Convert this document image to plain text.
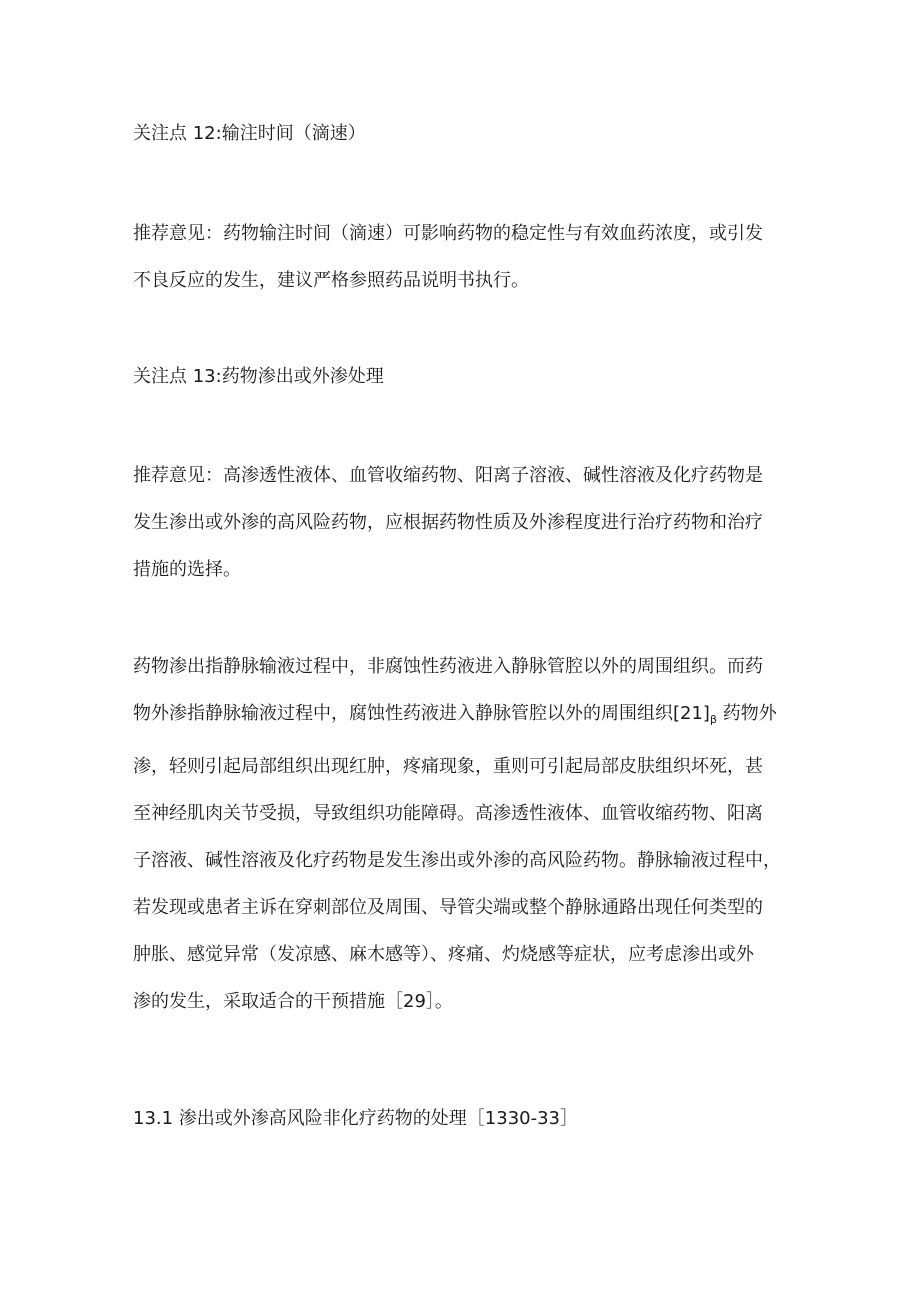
关注点 12:输注时间（滴速）

推荐意见：药物输注时间（滴速）可影响药物的稳定性与有效血药浓度，或引发
不良反应的发生，建议严格参照药品说明书执行。

关注点 13:药物渗出或外渗处理

推荐意见：高渗透性液体、血管收缩药物、阳离子溶液、碱性溶液及化疗药物是
发生渗出或外渗的高风险药物，应根据药物性质及外渗程度进行治疗药物和治疗
措施的选择。

药物渗出指静脉输液过程中，非腐蚀性药液进入静脉管腔以外的周围组织。而药
物外渗指静脉输液过程中，腐蚀性药液进入静脉管腔以外的周围组织$[21]_\beta$ 药物外
渗，轻则引起局部组织出现红肿，疼痛现象，重则可引起局部皮肤组织坏死，甚
至神经肌肉关节受损，导致组织功能障碍。高渗透性液体、血管收缩药物、阳离
子溶液、碱性溶液及化疗药物是发生渗出或外渗的高风险药物。静脉输液过程中，
若发现或患者主诉在穿刺部位及周围、导管尖端或整个静脉通路出现任何类型的
肿胀、感觉异常（发凉感、麻木感等）、疼痛、灼烧感等症状，应考虑渗出或外
渗的发生，采取适合的干预措施［29］。

13.1 渗出或外渗高风险非化疗药物的处理［1330-33］
